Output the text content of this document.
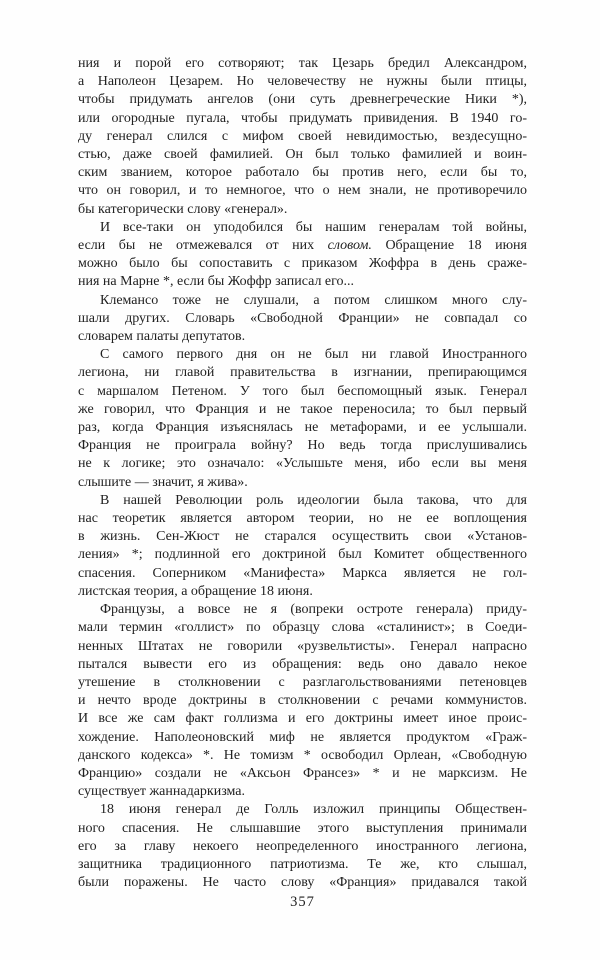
ния и порой его сотворяют; так Цезарь бредил Александром,
а Наполеон Цезарем. Но человечеству не нужны были птицы,
чтобы придумать ангелов (они суть древнегреческие Ники *),
или огородные пугала, чтобы придумать привидения. В 1940 го-
ду генерал слился с мифом своей невидимостью, вездесущно-
стью, даже своей фамилией. Он был только фамилией и воин-
ским званием, которое работало бы против него, если бы то,
что он говорил, и то немногое, что о нем знали, не противоречило
бы категорически слову «генерал».
И все-таки он уподобился бы нашим генералам той войны,
если бы не отмежевался от них словом. Обращение 18 июня
можно было бы сопоставить с приказом Жоффра в день сраже-
ния на Марне *, если бы Жоффр записал его...
Клемансо тоже не слушали, а потом слишком много слу-
шали других. Словарь «Свободной Франции» не совпадал со
словарем палаты депутатов.
С самого первого дня он не был ни главой Иностранного
легиона, ни главой правительства в изгнании, препирающимся
с маршалом Петеном. У того был беспомощный язык. Генерал
же говорил, что Франция и не такое переносила; то был первый
раз, когда Франция изъяснялась не метафорами, и ее услышали.
Франция не проиграла войну? Но ведь тогда прислушивались
не к логике; это означало: «Услышьте меня, ибо если вы меня
слышите — значит, я жива».
В нашей Революции роль идеологии была такова, что для
нас теоретик является автором теории, но не ее воплощения
в жизнь. Сен-Жюст не старался осуществить свои «Установ-
ления» *; подлинной его доктриной был Комитет общественного
спасения. Соперником «Манифеста» Маркса является не гол-
листская теория, а обращение 18 июня.
Французы, а вовсе не я (вопреки остроте генерала) приду-
мали термин «голлист» по образцу слова «сталинист»; в Соеди-
ненных Штатах не говорили «рузвельтисты». Генерал напрасно
пытался вывести его из обращения: ведь оно давало некое
утешение в столкновении с разглагольствованиями петеновцев
и нечто вроде доктрины в столкновении с речами коммунистов.
И все же сам факт голлизма и его доктрины имеет иное проис-
хождение. Наполеоновский миф не является продуктом «Граж-
данского кодекса» *. Не томизм * освободил Орлеан, «Свободную
Францию» создали не «Аксьон Франсез» * и не марксизм. Не
существует жаннадаркизма.
18 июня генерал де Голль изложил принципы Обществен-
ного спасения. Не слышавшие этого выступления принимали
его за главу некоего неопределенного иностранного легиона,
защитника традиционного патриотизма. Те же, кто слышал,
были поражены. Не часто слову «Франция» придавался такой
357
